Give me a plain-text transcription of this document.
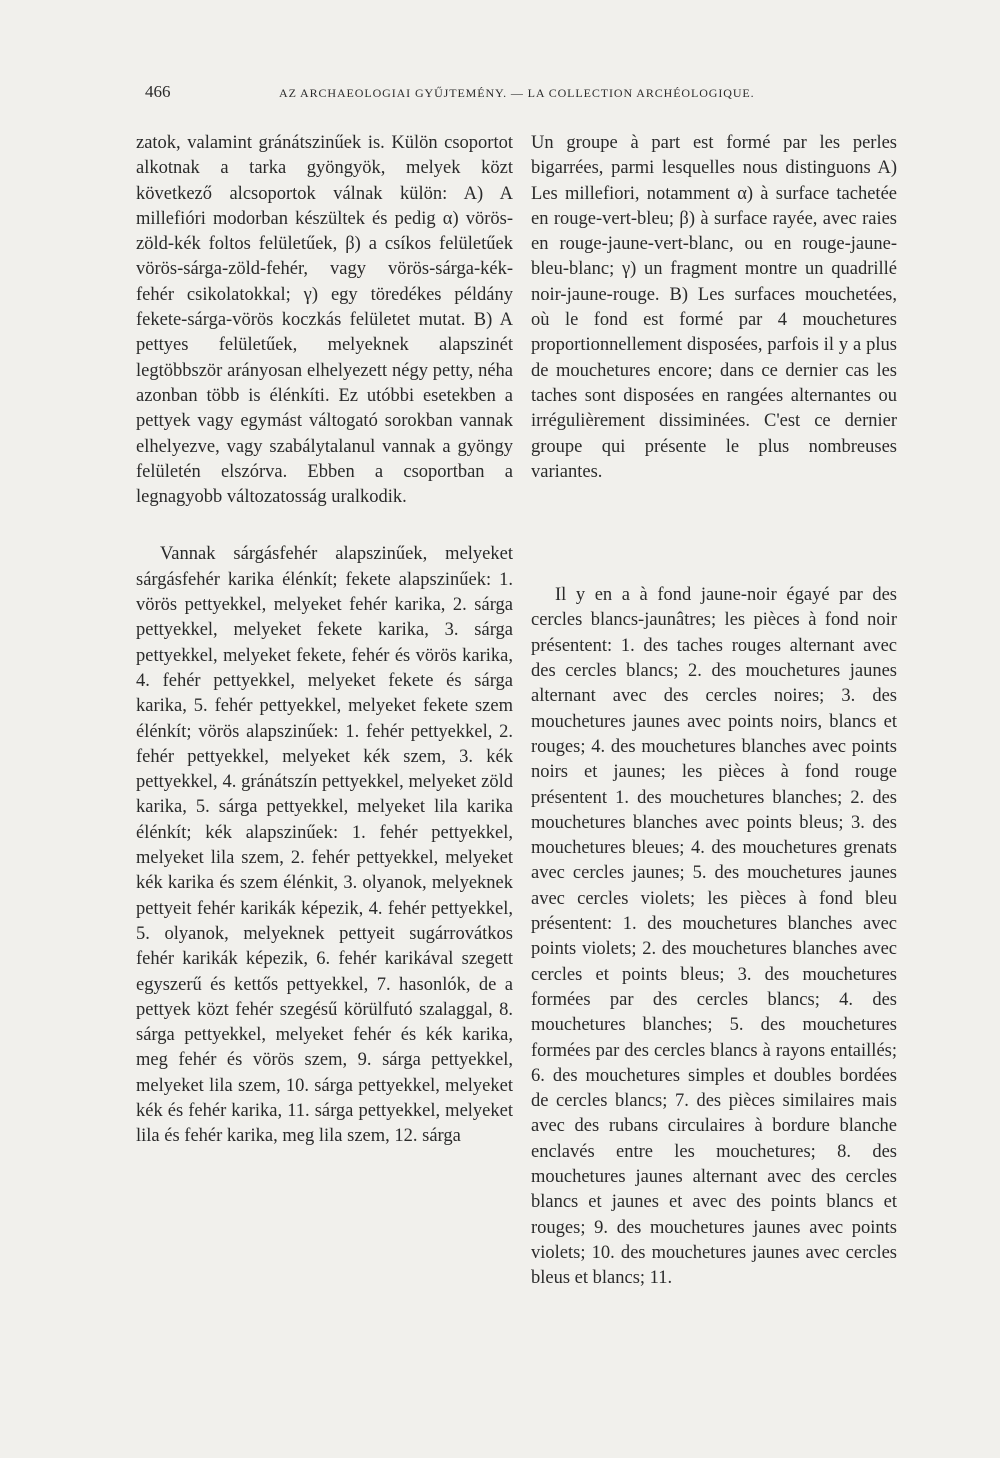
466	AZ ARCHAEOLOGIAI GYŰJTEMÉNY. — LA COLLECTION ARCHÉOLOGIQUE.

zatok, valamint gránátszinűek is. Külön csoportot alkotnak a tarka gyöngyök, melyek közt következő alcsoportok válnak külön: A) A millefióri modorban készültek és pedig α) vörös-zöld-kék foltos felületűek, β) a csíkos felületűek vörös-sárga-zöld-fehér, vagy vörös-sárga-kék-fehér csikolatokkal; γ) egy töredékes példány fekete-sárga-vörös koczkás felületet mutat. B) A pettyes felületűek, melyeknek alapszinét legtöbbször arányosan elhelyezett négy petty, néha azonban több is élénkíti. Ez utóbbi esetekben a pettyek vagy egymást váltogató sorokban vannak elhelyezve, vagy szabálytalanul vannak a gyöngy felületén elszórva. Ebben a csoportban a legnagyobb változatosság uralkodik.

Vannak sárgásfehér alapszinűek, melyeket sárgásfehér karika élénkít; fekete alapszinűek: 1. vörös pettyekkel, melyeket fehér karika, 2. sárga pettyekkel, melyeket fekete karika, 3. sárga pettyekkel, melyeket fekete, fehér és vörös karika, 4. fehér pettyekkel, melyeket fekete és sárga karika, 5. fehér pettyekkel, melyeket fekete szem élénkít; vörös alapszinűek: 1. fehér pettyekkel, 2. fehér pettyekkel, melyeket kék szem, 3. kék pettyekkel, 4. gránátszín pettyekkel, melyeket zöld karika, 5. sárga pettyekkel, melyeket lila karika élénkít; kék alapszinűek: 1. fehér pettyekkel, melyeket lila szem, 2. fehér pettyekkel, melyeket kék karika és szem élénkit, 3. olyanok, melyeknek pettyeit fehér karikák képezik, 4. fehér pettyekkel, 5. olyanok, melyeknek pettyeit sugárrovátkos fehér karikák képezik, 6. fehér karikával szegett egyszerű és kettős pettyekkel, 7. hasonlók, de a pettyek közt fehér szegésű körülfutó szalaggal, 8. sárga pettyekkel, melyeket fehér és kék karika, meg fehér és vörös szem, 9. sárga pettyekkel, melyeket lila szem, 10. sárga pettyekkel, melyeket kék és fehér karika, 11. sárga pettyekkel, melyeket lila és fehér karika, meg lila szem, 12. sárga

Un groupe à part est formé par les perles bigarrées, parmi lesquelles nous distinguons A) Les millefiori, notamment α) à surface tachetée en rouge-vert-bleu; β) à surface rayée, avec raies en rouge-jaune-vert-blanc, ou en rouge-jaune-bleu-blanc; γ) un fragment montre un quadrillé noir-jaune-rouge. B) Les surfaces mouchetées, où le fond est formé par 4 mouchetures proportionnellement disposées, parfois il y a plus de mouchetures encore; dans ce dernier cas les taches sont disposées en rangées alternantes ou irrégulièrement dissiminées. C'est ce dernier groupe qui présente le plus nombreuses variantes.

Il y en a à fond jaune-noir égayé par des cercles blancs-jaunâtres; les pièces à fond noir présentent: 1. des taches rouges alternant avec des cercles blancs; 2. des mouchetures jaunes alternant avec des cercles noires; 3. des mouchetures jaunes avec points noirs, blancs et rouges; 4. des mouchetures blanches avec points noirs et jaunes; les pièces à fond rouge présentent 1. des mouchetures blanches; 2. des mouchetures blanches avec points bleus; 3. des mouchetures bleues; 4. des mouchetures grenats avec cercles jaunes; 5. des mouchetures jaunes avec cercles violets; les pièces à fond bleu présentent: 1. des mouchetures blanches avec points violets; 2. des mouchetures blanches avec cercles et points bleus; 3. des mouchetures formées par des cercles blancs; 4. des mouchetures blanches; 5. des mouchetures formées par des cercles blancs à rayons entaillés; 6. des mouchetures simples et doubles bordées de cercles blancs; 7. des pièces similaires mais avec des rubans circulaires à bordure blanche enclavés entre les mouchetures; 8. des mouchetures jaunes alternant avec des cercles blancs et jaunes et avec des points blancs et rouges; 9. des mouchetures jaunes avec points violets; 10. des mouchetures jaunes avec cercles bleus et blancs; 11.
